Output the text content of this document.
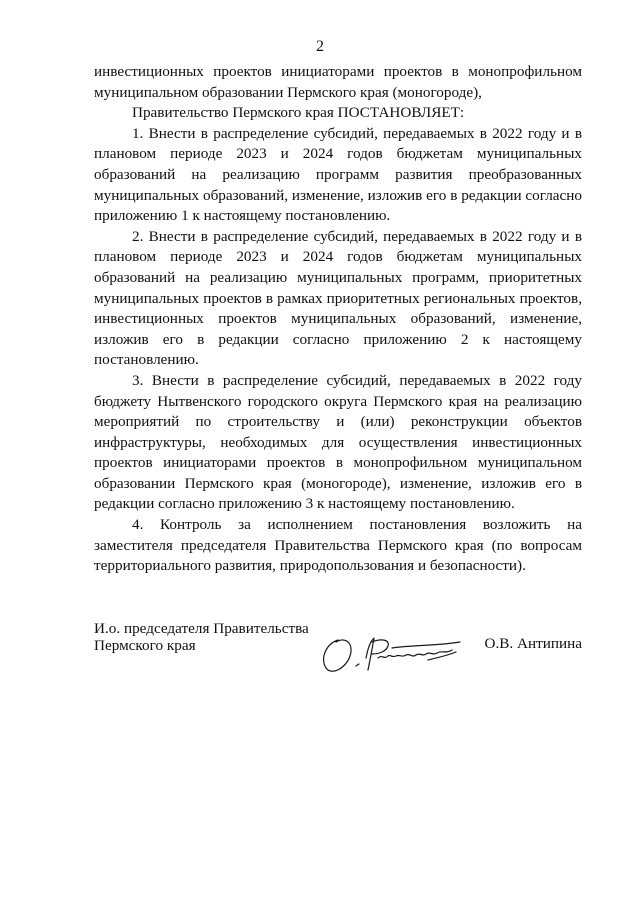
2

инвестиционных проектов инициаторами проектов в монопрофильном муниципальном образовании Пермского края (моногороде),

Правительство Пермского края ПОСТАНОВЛЯЕТ:

1. Внести в распределение субсидий, передаваемых в 2022 году и в плановом периоде 2023 и 2024 годов бюджетам муниципальных образований на реализацию программ развития преобразованных муниципальных образований, изменение, изложив его в редакции согласно приложению 1 к настоящему постановлению.

2. Внести в распределение субсидий, передаваемых в 2022 году и в плановом периоде 2023 и 2024 годов бюджетам муниципальных образований на реализацию муниципальных программ, приоритетных муниципальных проектов в рамках приоритетных региональных проектов, инвестиционных проектов муниципальных образований, изменение, изложив его в редакции согласно приложению 2 к настоящему постановлению.

3. Внести в распределение субсидий, передаваемых в 2022 году бюджету Нытвенского городского округа Пермского края на реализацию мероприятий по строительству и (или) реконструкции объектов инфраструктуры, необходимых для осуществления инвестиционных проектов инициаторами проектов в монопрофильном муниципальном образовании Пермского края (моногороде), изменение, изложив его в редакции согласно приложению 3 к настоящему постановлению.

4. Контроль за исполнением постановления возложить на заместителя председателя Правительства Пермского края (по вопросам территориального развития, природопользования и безопасности).

И.о. председателя Правительства
Пермского края	О.В. Антипина
